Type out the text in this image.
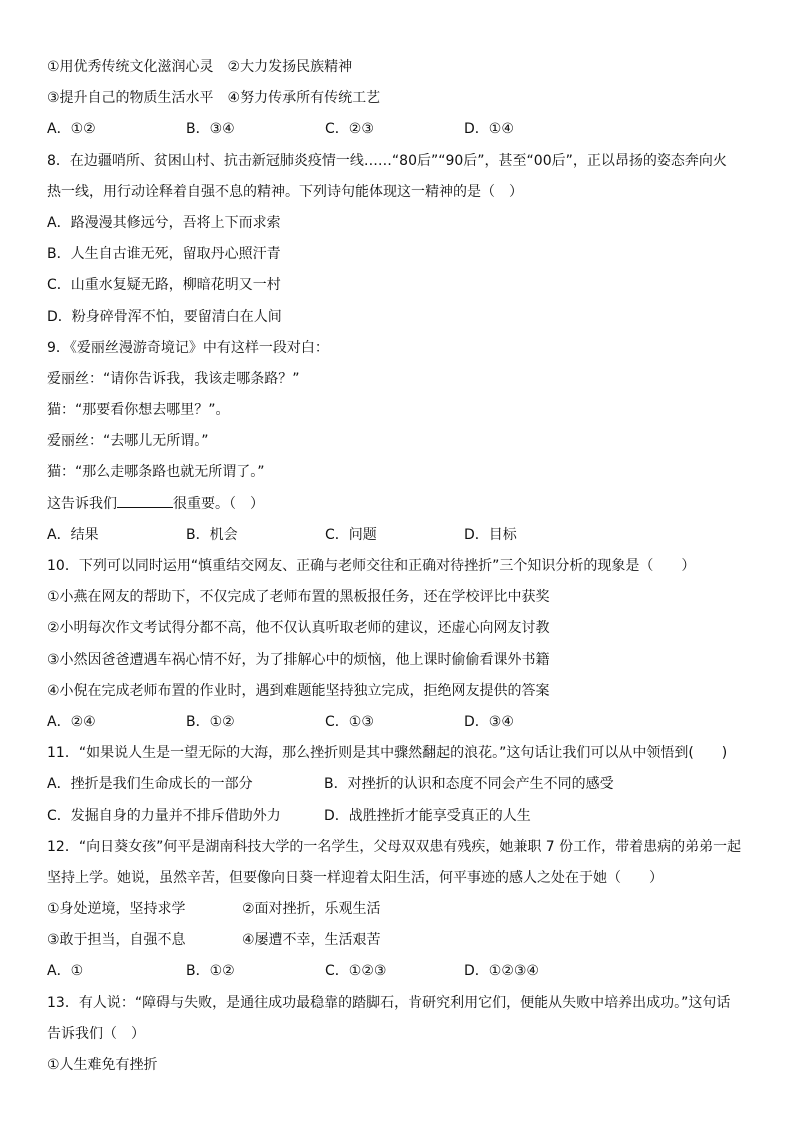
①用优秀传统文化滋润心灵　②大力发扬民族精神
③提升自己的物质生活水平　④努力传承所有传统工艺
A．①②	B．③④	C．②③	D．①④
8．在边疆哨所、贫困山村、抗击新冠肺炎疫情一线……“80后”“90后”，甚至“00后”，正以昂扬的姿态奔向火
热一线，用行动诠释着自强不息的精神。下列诗句能体现这一精神的是（　）
A．路漫漫其修远兮，吾将上下而求索
B．人生自古谁无死，留取丹心照汗青
C．山重水复疑无路，柳暗花明又一村
D．粉身碎骨浑不怕，要留清白在人间
9．《爱丽丝漫游奇境记》中有这样一段对白：
爱丽丝：“请你告诉我，我该走哪条路？”
猫：“那要看你想去哪里？”。
爱丽丝：“去哪儿无所谓。”
猫：“那么走哪条路也就无所谓了。”
这告诉我们	很重要。（　）
A．结果	B．机会	C．问题	D．目标
10．下列可以同时运用“慎重结交网友、正确与老师交往和正确对待挫折”三个知识分析的现象是（　　）
①小燕在网友的帮助下，不仅完成了老师布置的黑板报任务，还在学校评比中获奖
②小明每次作文考试得分都不高，他不仅认真听取老师的建议，还虚心向网友讨教
③小然因爸爸遭遇车祸心情不好，为了排解心中的烦恼，他上课时偷偷看课外书籍
④小倪在完成老师布置的作业时，遇到难题能坚持独立完成，拒绝网友提供的答案
A．②④	B．①②	C．①③	D．③④
11．“如果说人生是一望无际的大海，那么挫折则是其中骤然翻起的浪花。”这句话让我们可以从中领悟到(　　)
A．挫折是我们生命成长的一部分	B．对挫折的认识和态度不同会产生不同的感受
C．发掘自身的力量并不排斥借助外力	D．战胜挫折才能享受真正的人生
12．“向日葵女孩”何平是湖南科技大学的一名学生，父母双双患有残疾，她兼职 7 份工作，带着患病的弟弟一起
坚持上学。她说，虽然辛苦，但要像向日葵一样迎着太阳生活，何平事迹的感人之处在于她（　　）
①身处逆境，坚持求学	②面对挫折，乐观生活
③敢于担当，自强不息	④屡遭不幸，生活艰苦
A．①	B．①②	C．①②③	D．①②③④
13．有人说：“障碍与失败，是通往成功最稳靠的踏脚石，肯研究利用它们，便能从失败中培养出成功。”这句话
告诉我们（　）
①人生难免有挫折
